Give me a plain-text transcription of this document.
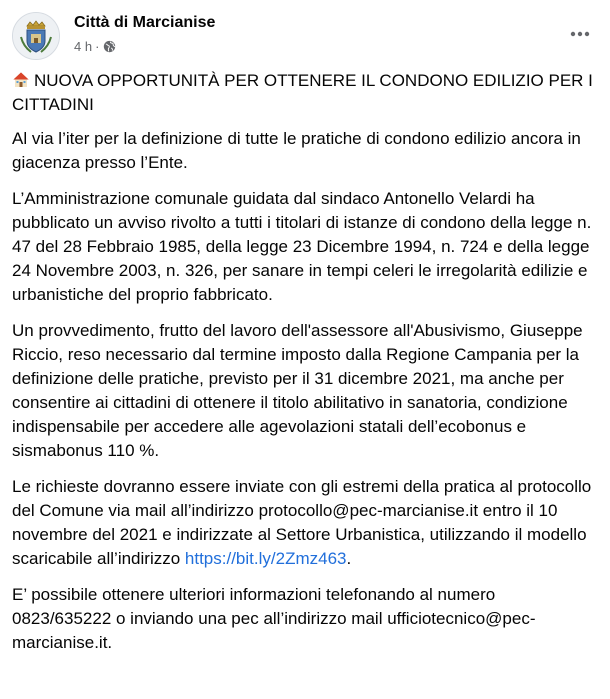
Città di Marcianise
4 h ·

NUOVA OPPORTUNITÀ PER OTTENERE IL CONDONO EDILIZIO PER I CITTADINI

Al via l’iter per la definizione di tutte le pratiche di condono edilizio ancora in giacenza presso l’Ente.

L’Amministrazione comunale guidata dal sindaco Antonello Velardi ha pubblicato un avviso rivolto a tutti i titolari di istanze di condono della legge n. 47 del 28 Febbraio 1985, della legge 23 Dicembre 1994, n. 724 e della legge 24 Novembre 2003, n. 326, per sanare in tempi celeri le irregolarità edilizie e urbanistiche del proprio fabbricato.

Un provvedimento, frutto del lavoro dell'assessore all'Abusivismo, Giuseppe Riccio, reso necessario dal termine imposto dalla Regione Campania per la definizione delle pratiche, previsto per il 31 dicembre 2021, ma anche per consentire ai cittadini di ottenere il titolo abilitativo in sanatoria, condizione indispensabile per accedere alle agevolazioni statali dell’ecobonus e sismabonus 110 %.

Le richieste dovranno essere inviate con gli estremi della pratica al protocollo del Comune via mail all’indirizzo protocollo@pec-marcianise.it entro il 10 novembre del 2021 e indirizzate al Settore Urbanistica, utilizzando il modello scaricabile all’indirizzo https://bit.ly/2Zmz463.

E’ possibile ottenere ulteriori informazioni telefonando al numero 0823/635222 o inviando una pec all’indirizzo mail ufficiotecnico@pec-marcianise.it.
